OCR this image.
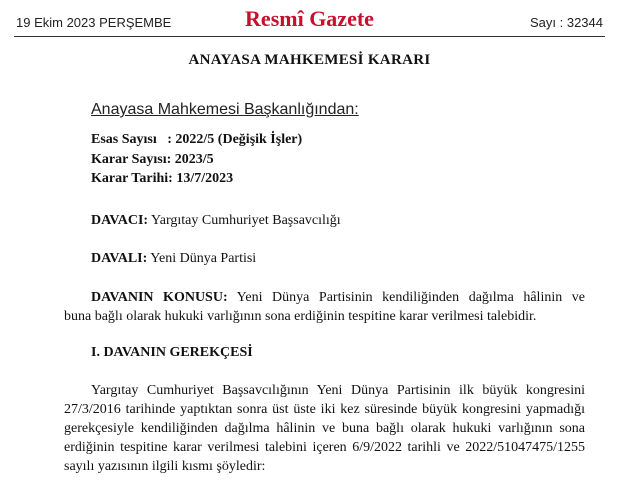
19 Ekim 2023 PERŞEMBE	Resmî Gazete	Sayı : 32344
ANAYASA MAHKEMESİ KARARI
Anayasa Mahkemesi Başkanlığından:
Esas Sayısı   : 2022/5 (Değişik İşler)
Karar Sayısı: 2023/5
Karar Tarihi: 13/7/2023
DAVACI: Yargıtay Cumhuriyet Başsavcılığı
DAVALI: Yeni Dünya Partisi
DAVANIN KONUSU: Yeni Dünya Partisinin kendiliğinden dağılma hâlinin ve
buna bağlı olarak hukuki varlığının sona erdiğinin tespitine karar verilmesi talebidir.
I. DAVANIN GEREKÇESİ
Yargıtay Cumhuriyet Başsavcılığının Yeni Dünya Partisinin ilk büyük kongresini
27/3/2016 tarihinde yaptıktan sonra üst üste iki kez süresinde büyük kongresini yapmadığı
gerekçesiyle kendiliğinden dağılma hâlinin ve buna bağlı olarak hukuki varlığının sona
erdiğinin tespitine karar verilmesi talebini içeren 6/9/2022 tarihli ve 2022/51047475/1255
sayılı yazısının ilgili kısmı şöyledir:
